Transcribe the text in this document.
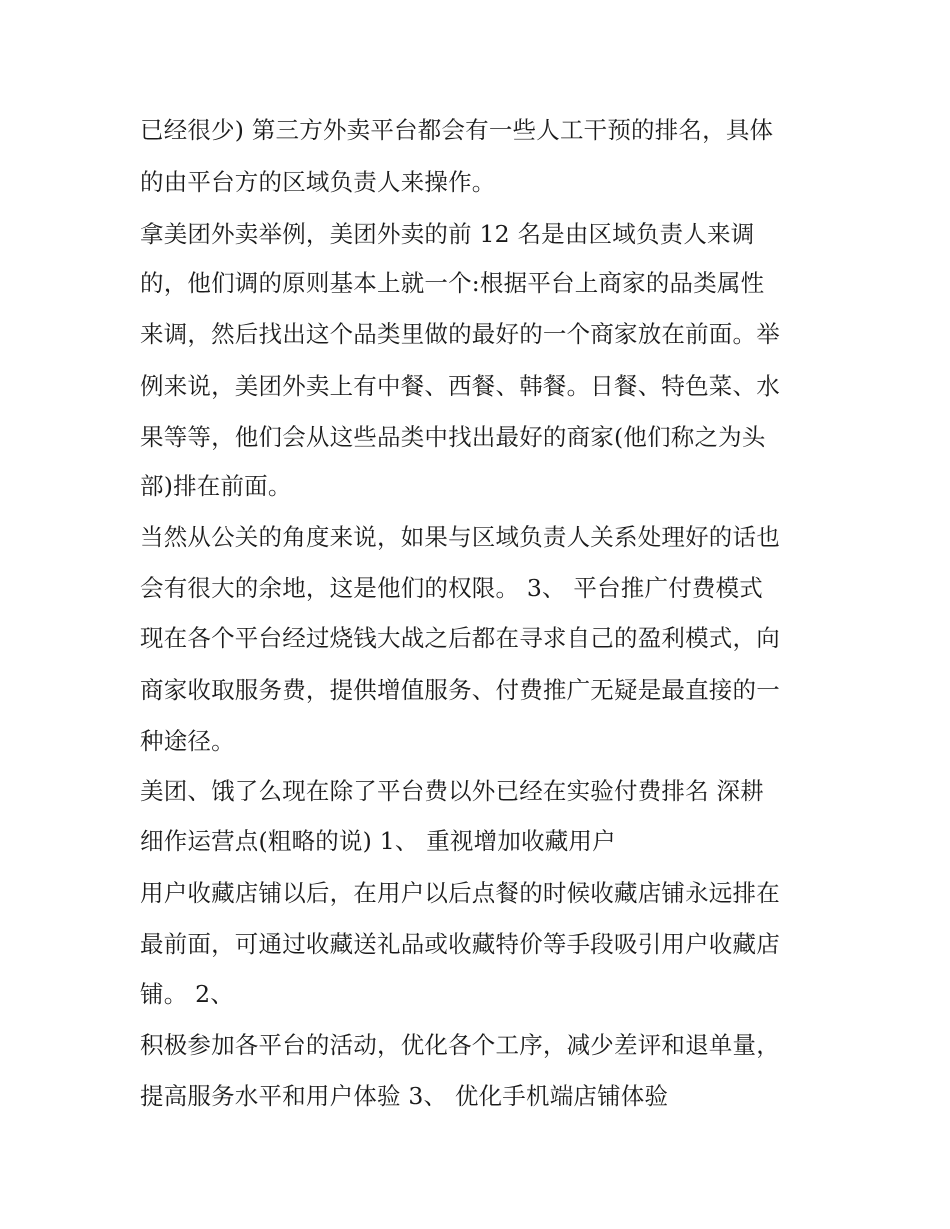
已经很少) 第三方外卖平台都会有一些人工干预的排名，具体
的由平台方的区域负责人来操作。
拿美团外卖举例，美团外卖的前 12 名是由区域负责人来调
的，他们调的原则基本上就一个:根据平台上商家的品类属性
来调，然后找出这个品类里做的最好的一个商家放在前面。举
例来说，美团外卖上有中餐、西餐、韩餐。日餐、特色菜、水
果等等，他们会从这些品类中找出最好的商家(他们称之为头
部)排在前面。
当然从公关的角度来说，如果与区域负责人关系处理好的话也
会有很大的余地，这是他们的权限。 3、 平台推广付费模式
现在各个平台经过烧钱大战之后都在寻求自己的盈利模式，向
商家收取服务费，提供增值服务、付费推广无疑是最直接的一
种途径。
美团、饿了么现在除了平台费以外已经在实验付费排名 深耕
细作运营点(粗略的说) 1、 重视增加收藏用户
用户收藏店铺以后，在用户以后点餐的时候收藏店铺永远排在
最前面，可通过收藏送礼品或收藏特价等手段吸引用户收藏店
铺。 2、
积极参加各平台的活动，优化各个工序，减少差评和退单量，
提高服务水平和用户体验 3、 优化手机端店铺体验
